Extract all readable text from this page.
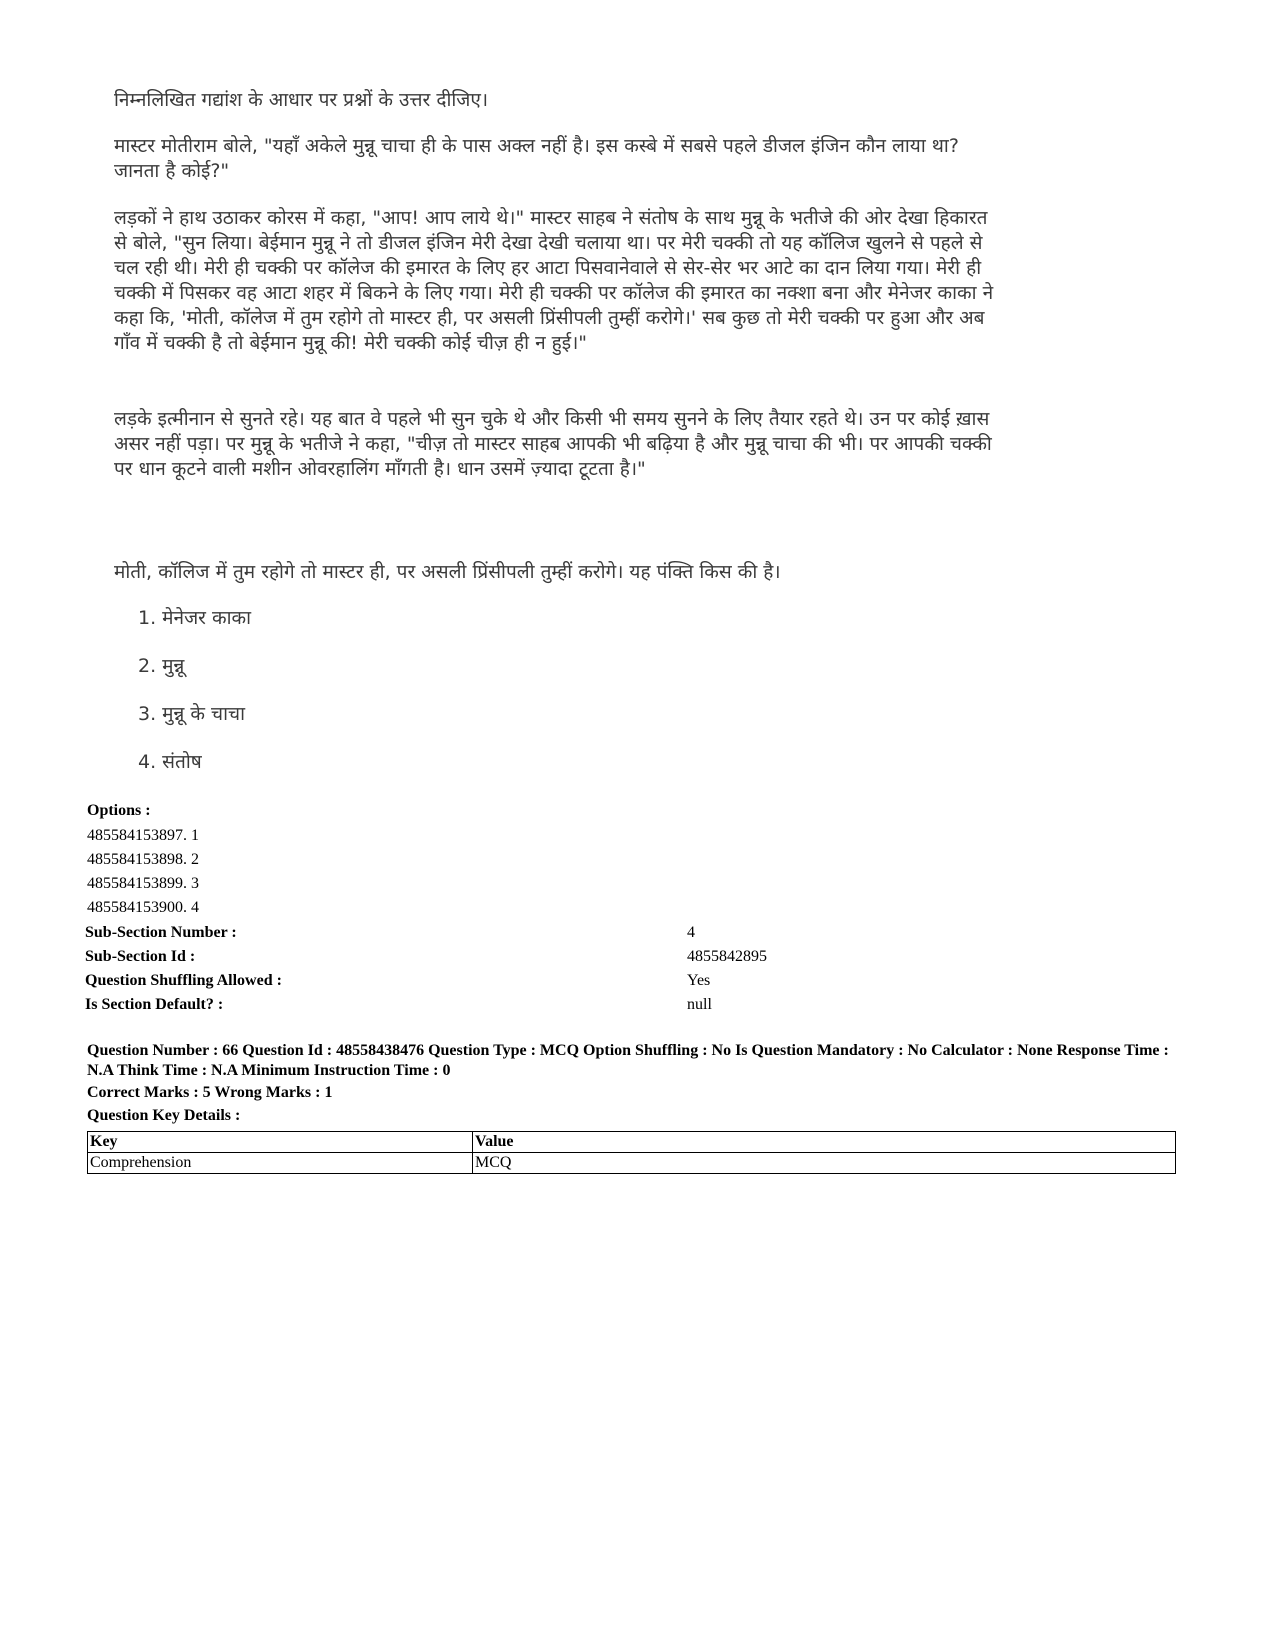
निम्नलिखित गद्यांश के आधार पर प्रश्नों के उत्तर दीजिए।

मास्टर मोतीराम बोले, "यहाँ अकेले मुन्नू चाचा ही के पास अक्ल नहीं है। इस कस्बे में सबसे पहले डीजल इंजिन कौन लाया था? जानता है कोई?"

लड़कों ने हाथ उठाकर कोरस में कहा, "आप! आप लाये थे।" मास्टर साहब ने संतोष के साथ मुन्नू के भतीजे की ओर देखा हिकारत से बोले, "सुन लिया। बेईमान मुन्नू ने तो डीजल इंजिन मेरी देखा देखी चलाया था। पर मेरी चक्की तो यह कॉलिज खुलने से पहले से चल रही थी। मेरी ही चक्की पर कॉलेज की इमारत के लिए हर आटा पिसवानेवाले से सेर-सेर भर आटे का दान लिया गया। मेरी ही चक्की में पिसकर वह आटा शहर में बिकने के लिए गया। मेरी ही चक्की पर कॉलेज की इमारत का नक्शा बना और मेनेजर काका ने कहा कि, 'मोती, कॉलेज में तुम रहोगे तो मास्टर ही, पर असली प्रिंसीपली तुम्हीं करोगे।' सब कुछ तो मेरी चक्की पर हुआ और अब गाँव में चक्की है तो बेईमान मुन्नू की! मेरी चक्की कोई चीज़ ही न हुई।"

लड़के इत्मीनान से सुनते रहे। यह बात वे पहले भी सुन चुके थे और किसी भी समय सुनने के लिए तैयार रहते थे। उन पर कोई ख़ास असर नहीं पड़ा। पर मुन्नू के भतीजे ने कहा, "चीज़ तो मास्टर साहब आपकी भी बढ़िया है और मुन्नू चाचा की भी। पर आपकी चक्की पर धान कूटने वाली मशीन ओवरहालिंग माँगती है। धान उसमें ज़्यादा टूटता है।"

मोती, कॉलिज में तुम रहोगे तो मास्टर ही, पर असली प्रिंसीपली तुम्हीं करोगे। यह पंक्ति किस की है।

1. मेनेजर काका
2. मुन्नू
3. मुन्नू के चाचा
4. संतोष
Options :
485584153897. 1
485584153898. 2
485584153899. 3
485584153900. 4
Sub-Section Number :	4
Sub-Section Id :	4855842895
Question Shuffling Allowed :	Yes
Is Section Default? :	null

Question Number : 66 Question Id : 48558438476 Question Type : MCQ Option Shuffling : No Is Question Mandatory : No Calculator : None Response Time : N.A Think Time : N.A Minimum Instruction Time : 0

Correct Marks : 5 Wrong Marks : 1
Question Key Details :
Key	Value
Comprehension	MCQ
